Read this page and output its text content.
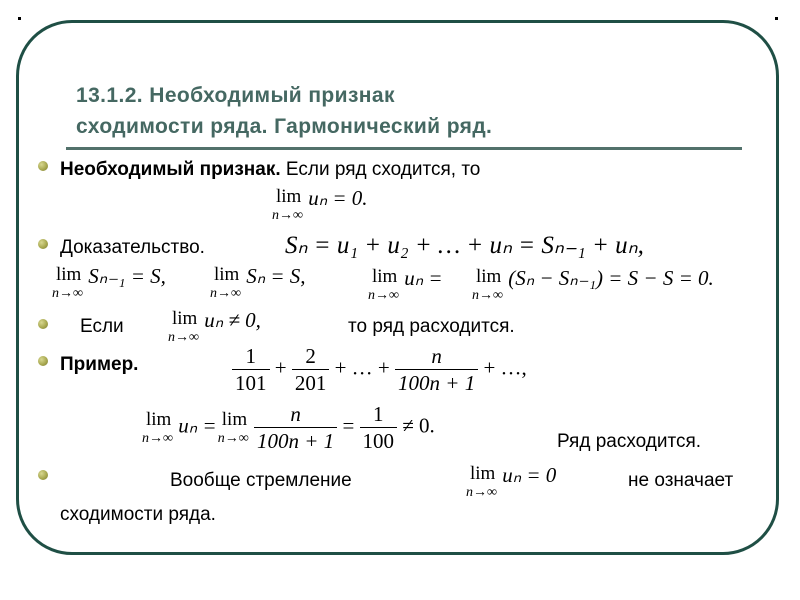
13.1.2. Необходимый признак
сходимости ряда. Гармонический ряд.
Необходимый признак. Если ряд сходится, то
lim
n→∞
uₙ = 0.
Доказательство.	Sₙ = u₁ + u₂ + … + uₙ = Sₙ₋₁ + uₙ,
lim
n→∞
Sₙ₋₁ = S,	lim
n→∞
Sₙ = S,	lim
n→∞
uₙ = lim
n→∞
(Sₙ − Sₙ₋₁) = S − S = 0.
Если	lim
n→∞
uₙ ≠ 0,	то ряд расходится.
Пример.	$\frac{1}{101} + \frac{2}{201}$ + … + $\frac{n}{100n + 1}$ + …,
lim
n→∞
uₙ = lim
n→∞
$\frac{n}{100n + 1} = \frac{1}{100} \ne 0$.
Ряд расходится.
Вообще стремление	lim
n→∞
uₙ = 0	не означает
сходимости ряда.
